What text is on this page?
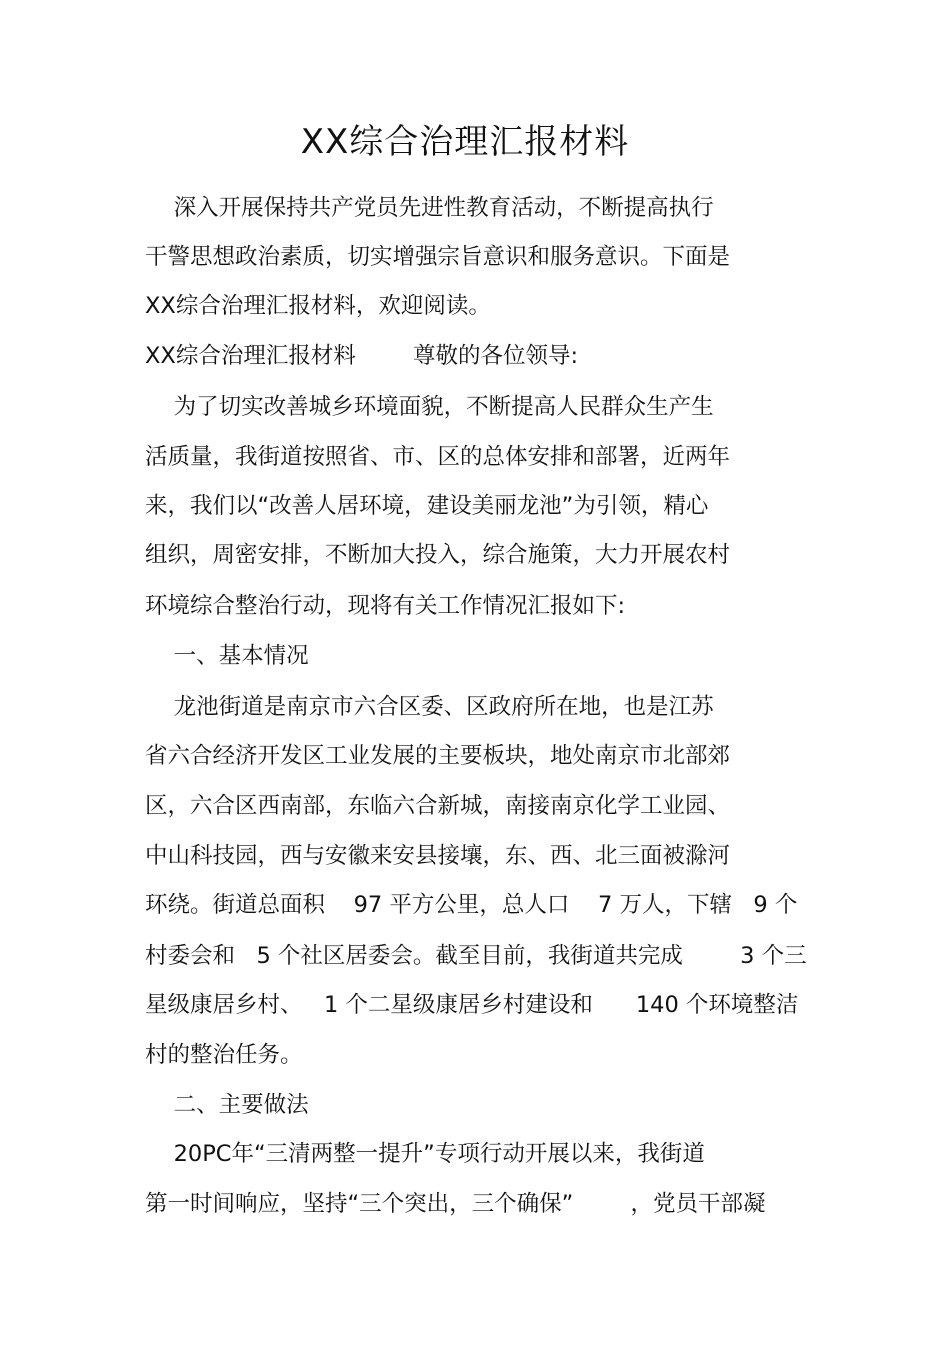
XX综合治理汇报材料
深入开展保持共产党员先进性教育活动，不断提高执行
干警思想政治素质，切实增强宗旨意识和服务意识。下面是
XX综合治理汇报材料，欢迎阅读。
XX综合治理汇报材料        尊敬的各位领导:
为了切实改善城乡环境面貌，不断提高人民群众生产生
活质量，我街道按照省、市、区的总体安排和部署，近两年
来，我们以“改善人居环境，建设美丽龙池”为引领，精心
组织，周密安排，不断加大投入，综合施策，大力开展农村
环境综合整治行动，现将有关工作情况汇报如下:
一、基本情况
龙池街道是南京市六合区委、区政府所在地，也是江苏
省六合经济开发区工业发展的主要板块，地处南京市北部郊
区，六合区西南部，东临六合新城，南接南京化学工业园、
中山科技园，西与安徽来安县接壤，东、西、北三面被滁河
环绕。街道总面积    97 平方公里，总人口    7 万人，下辖   9 个
村委会和   5 个社区居委会。截至目前，我街道共完成        3 个三
星级康居乡村、   1 个二星级康居乡村建设和      140 个环境整洁
村的整治任务。
二、主要做法
20PC年“三清两整一提升”专项行动开展以来，我街道
第一时间响应，坚持“三个突出，三个确保”        ，党员干部凝
